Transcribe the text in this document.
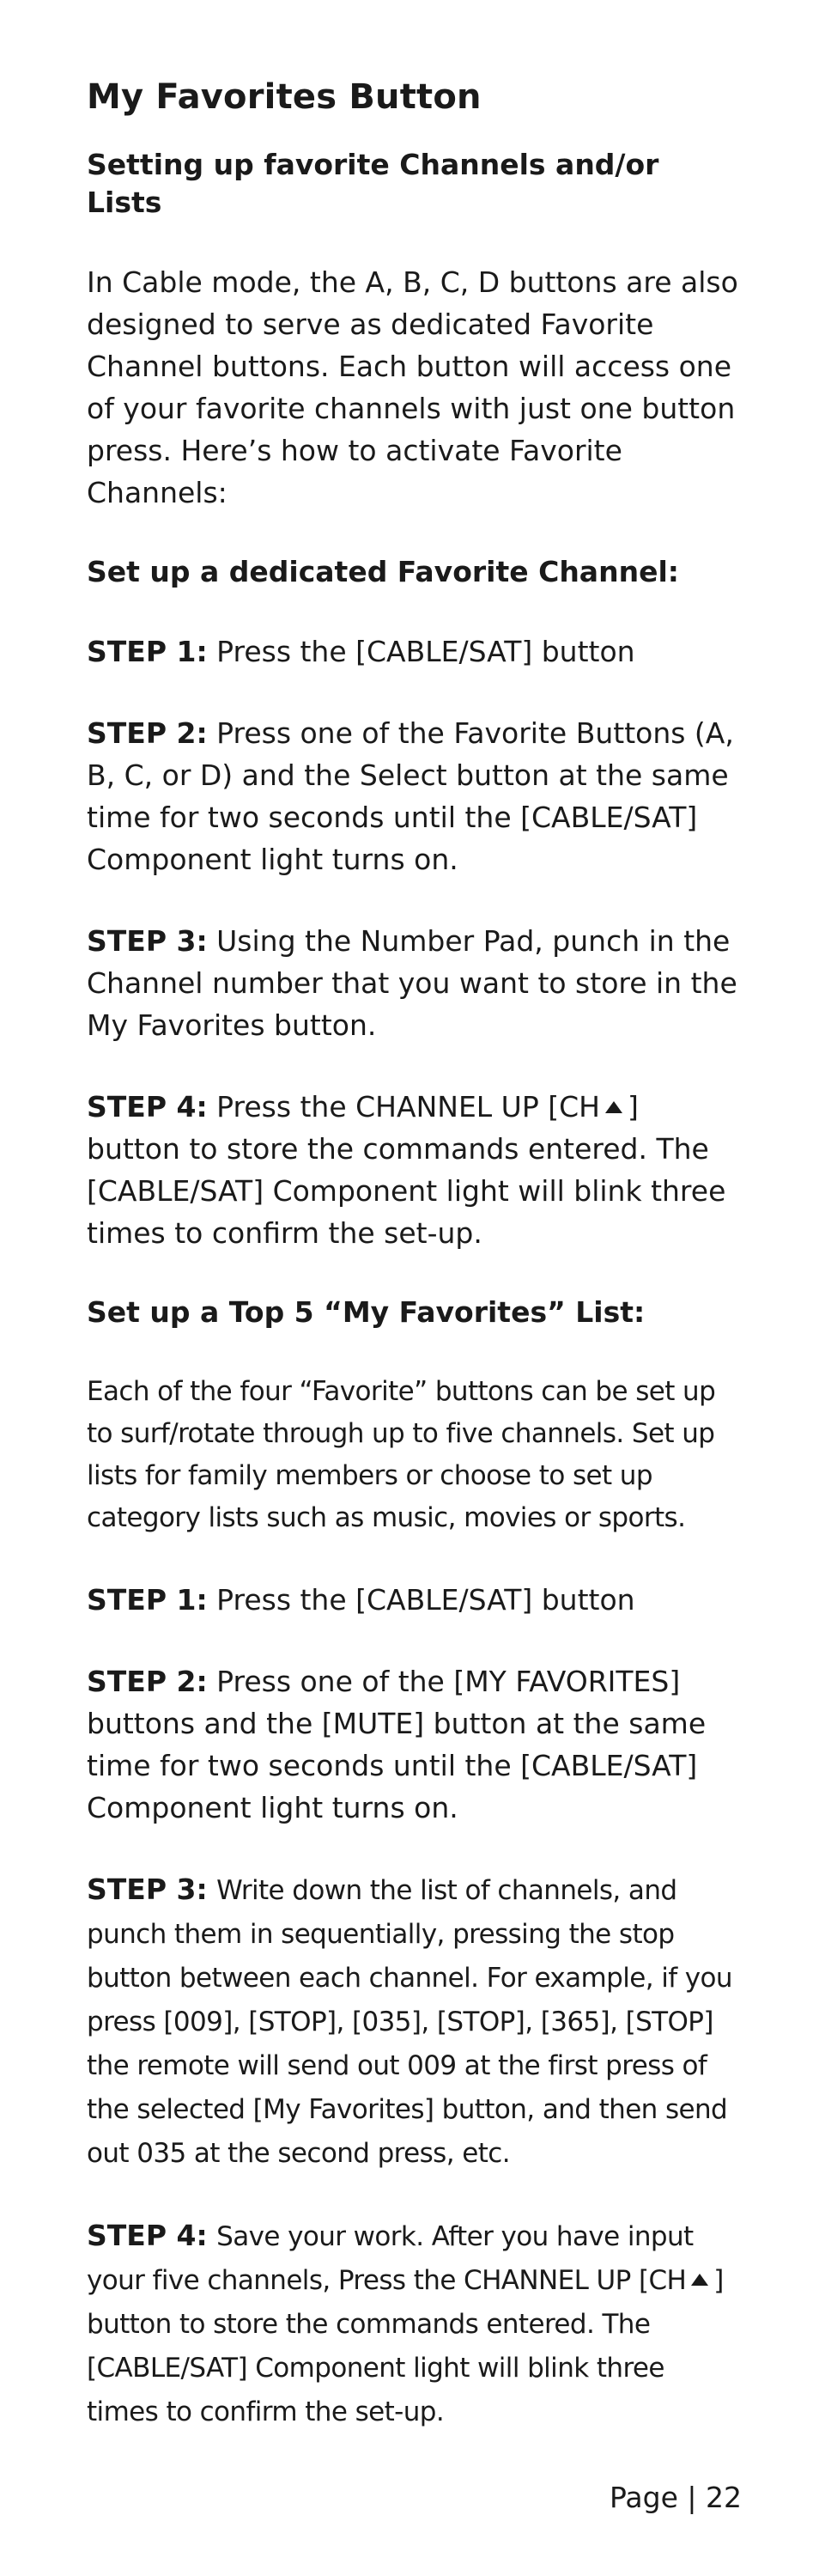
My Favorites Button
Setting up favorite Channels and/or Lists
In Cable mode, the A, B, C, D buttons are also designed to serve as dedicated Favorite Channel buttons. Each button will access one of your favorite channels with just one button press. Here’s how to activate Favorite Channels:
Set up a dedicated Favorite Channel:
STEP 1: Press the [CABLE/SAT] button
STEP 2: Press one of the Favorite Buttons (A, B, C, or D) and the Select button at the same time for two seconds until the [CABLE/SAT] Component light turns on.
STEP 3: Using the Number Pad, punch in the Channel number that you want to store in the My Favorites button.
STEP 4: Press the CHANNEL UP [CH ] button to store the commands entered. The [CABLE/SAT] Component light will blink three times to confirm the set-up.
Set up a Top 5 “My Favorites” List:
Each of the four “Favorite” buttons can be set up to surf/rotate through up to five channels. Set up lists for family members or choose to set up category lists such as music, movies or sports.
STEP 1: Press the [CABLE/SAT] button
STEP 2: Press one of the [MY FAVORITES] buttons and the [MUTE] button at the same time for two seconds until the [CABLE/SAT] Component light turns on.
STEP 3: Write down the list of channels, and punch them in sequentially, pressing the stop button between each channel. For example, if you press [009], [STOP], [035], [STOP], [365], [STOP] the remote will send out 009 at the first press of the selected [My Favorites] button, and then send out 035 at the second press, etc.
STEP 4: Save your work. After you have input your five channels, Press the CHANNEL UP [CH ] button to store the commands entered. The [CABLE/SAT] Component light will blink three times to confirm the set-up.
Page | 22
